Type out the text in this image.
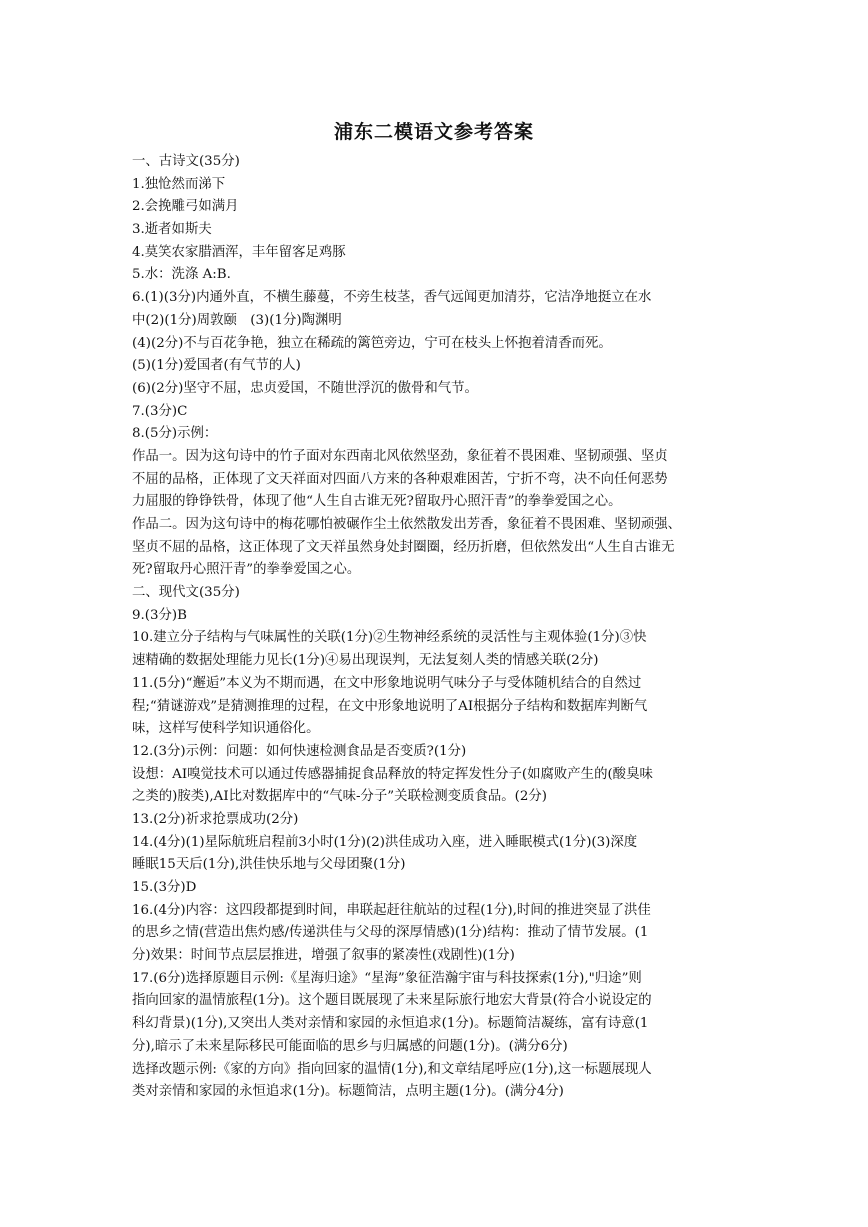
浦东二模语文参考答案
一、古诗文(35分)
1.独怆然而涕下
2.会挽雕弓如满月
3.逝者如斯夫
4.莫笑农家腊酒浑，丰年留客足鸡豚
5.水：洗涤 A:B.
6.(1)(3分)内通外直，不横生藤蔓，不旁生枝茎，香气远闻更加清芬，它洁净地挺立在水
中(2)(1分)周敦颐　(3)(1分)陶渊明
(4)(2分)不与百花争艳，独立在稀疏的篱笆旁边，宁可在枝头上怀抱着清香而死。
(5)(1分)爱国者(有气节的人)
(6)(2分)坚守不屈，忠贞爱国，不随世浮沉的傲骨和气节。
7.(3分)C
8.(5分)示例：
作品一。因为这句诗中的竹子面对东西南北风依然坚劲，象征着不畏困难、坚韧顽强、坚贞
不屈的品格，正体现了文天祥面对四面八方来的各种艰难困苦，宁折不弯，决不向任何恶势
力屈服的铮铮铁骨，体现了他“人生自古谁无死?留取丹心照汗青”的拳拳爱国之心。
作品二。因为这句诗中的梅花哪怕被碾作尘土依然散发出芳香，象征着不畏困难、坚韧顽强、
坚贞不屈的品格，这正体现了文天祥虽然身处封圈圈，经历折磨，但依然发出“人生自古谁无
死?留取丹心照汗青”的拳拳爱国之心。
二、现代文(35分)
9.(3分)B
10.建立分子结构与气味属性的关联(1分)②生物神经系统的灵活性与主观体验(1分)③快
速精确的数据处理能力见长(1分)④易出现误判，无法复刻人类的情感关联(2分)
11.(5分)“邂逅”本义为不期而遇，在文中形象地说明气味分子与受体随机结合的自然过
程;“猜谜游戏”是猜测推理的过程，在文中形象地说明了AI根据分子结构和数据库判断气
味，这样写使科学知识通俗化。
12.(3分)示例：问题：如何快速检测食品是否变质?(1分)
设想：AI嗅觉技术可以通过传感器捕捉食品释放的特定挥发性分子(如腐败产生的(酸臭味
之类的)胺类),AI比对数据库中的“气味-分子”关联检测变质食品。(2分)
13.(2分)祈求抢票成功(2分)
14.(4分)(1)星际航班启程前3小时(1分)(2)洪佳成功入座，进入睡眠模式(1分)(3)深度
睡眠15天后(1分),洪佳快乐地与父母团聚(1分)
15.(3分)D
16.(4分)内容：这四段都提到时间，串联起赶往航站的过程(1分),时间的推进突显了洪佳
的思乡之情(营造出焦灼感/传递洪佳与父母的深厚情感)(1分)结构：推动了情节发展。(1
分)效果：时间节点层层推进，增强了叙事的紧凑性(戏剧性)(1分)
17.(6分)选择原题目示例:《星海归途》“星海”象征浩瀚宇宙与科技探索(1分),"归途”则
指向回家的温情旅程(1分)。这个题目既展现了未来星际旅行地宏大背景(符合小说设定的
科幻背景)(1分),又突出人类对亲情和家园的永恒追求(1分)。标题简洁凝练，富有诗意(1
分),暗示了未来星际移民可能面临的思乡与归属感的问题(1分)。(满分6分)
选择改题示例:《家的方向》指向回家的温情(1分),和文章结尾呼应(1分),这一标题展现人
类对亲情和家园的永恒追求(1分)。标题简洁，点明主题(1分)。(满分4分)
